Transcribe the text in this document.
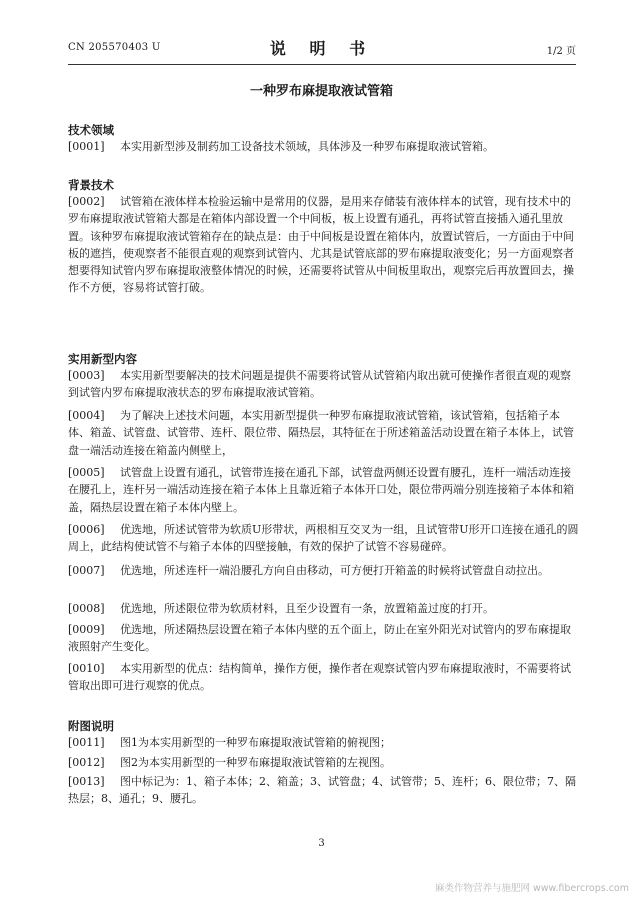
CN 205570403 U	说 明 书	1/2 页
一种罗布麻提取液试管箱
技术领域

[0001] 本实用新型涉及制药加工设备技术领域，具体涉及一种罗布麻提取液试管箱。

背景技术

[0002] 试管箱在液体样本检验运输中是常用的仪器，是用来存储装有液体样本的试管，现有技术中的罗布麻提取液试管箱大都是在箱体内部设置一个中间板，板上设置有通孔，再将试管直接插入通孔里放置。该种罗布麻提取液试管箱存在的缺点是：由于中间板是设置在箱体内，放置试管后，一方面由于中间板的遮挡，使观察者不能很直观的观察到试管内、尤其是试管底部的罗布麻提取液变化；另一方面观察者想要得知试管内罗布麻提取液整体情况的时候，还需要将试管从中间板里取出，观察完后再放置回去，操作不方便，容易将试管打破。

实用新型内容

[0003] 本实用新型要解决的技术问题是提供不需要将试管从试管箱内取出就可使操作者很直观的观察到试管内罗布麻提取液状态的罗布麻提取液试管箱。

[0004] 为了解决上述技术问题，本实用新型提供一种罗布麻提取液试管箱，该试管箱，包括箱子本体、箱盖、试管盘、试管带、连杆、限位带、隔热层，其特征在于所述箱盖活动设置在箱子本体上，试管盘一端活动连接在箱盖内侧壁上，

[0005] 试管盘上设置有通孔，试管带连接在通孔下部，试管盘两侧还设置有腰孔，连杆一端活动连接在腰孔上，连杆另一端活动连接在箱子本体上且靠近箱子本体开口处，限位带两端分别连接箱子本体和箱盖，隔热层设置在箱子本体内壁上。

[0006] 优选地，所述试管带为软质U形带状，两根相互交叉为一组，且试管带U形开口连接在通孔的圆周上，此结构使试管不与箱子本体的四壁接触，有效的保护了试管不容易碰碎。

[0007] 优选地，所述连杆一端沿腰孔方向自由移动，可方便打开箱盖的时候将试管盘自动拉出。

[0008] 优选地，所述限位带为软质材料，且至少设置有一条，放置箱盖过度的打开。

[0009] 优选地，所述隔热层设置在箱子本体内壁的五个面上，防止在室外阳光对试管内的罗布麻提取液照射产生变化。

[0010] 本实用新型的优点：结构简单，操作方便，操作者在观察试管内罗布麻提取液时，不需要将试管取出即可进行观察的优点。

附图说明

[0011] 图1为本实用新型的一种罗布麻提取液试管箱的俯视图；

[0012] 图2为本实用新型的一种罗布麻提取液试管箱的左视图。

[0013] 图中标记为：1、箱子本体；2、箱盖；3、试管盘；4、试管带；5、连杆；6、限位带；7、隔热层；8、通孔；9、腰孔。

3
麻类作物营养与施肥网 www.fibercrops.com
